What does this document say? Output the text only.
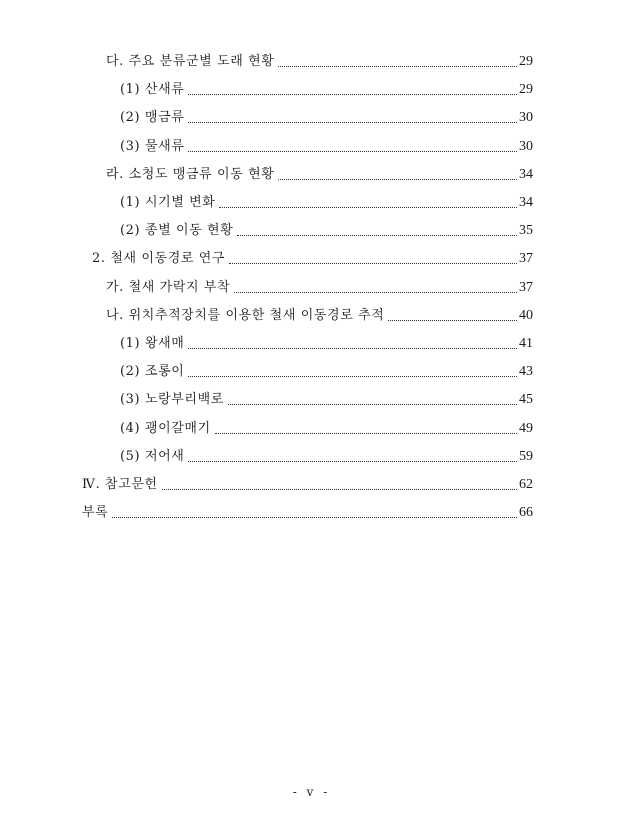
다. 주요 분류군별 도래 현황	29
(1) 산새류	29
(2) 맹금류	30
(3) 물새류	30
라. 소청도 맹금류 이동 현황	34
(1) 시기별 변화	34
(2) 종별 이동 현황	35
2. 철새 이동경로 연구	37
가. 철새 가락지 부착	37
나. 위치추적장치를 이용한 철새 이동경로 추적	40
(1) 왕새매	41
(2) 조롱이	43
(3) 노랑부리백로	45
(4) 괭이갈매기	49
(5) 저어새	59
Ⅳ. 참고문헌	62
부록	66
- v -
